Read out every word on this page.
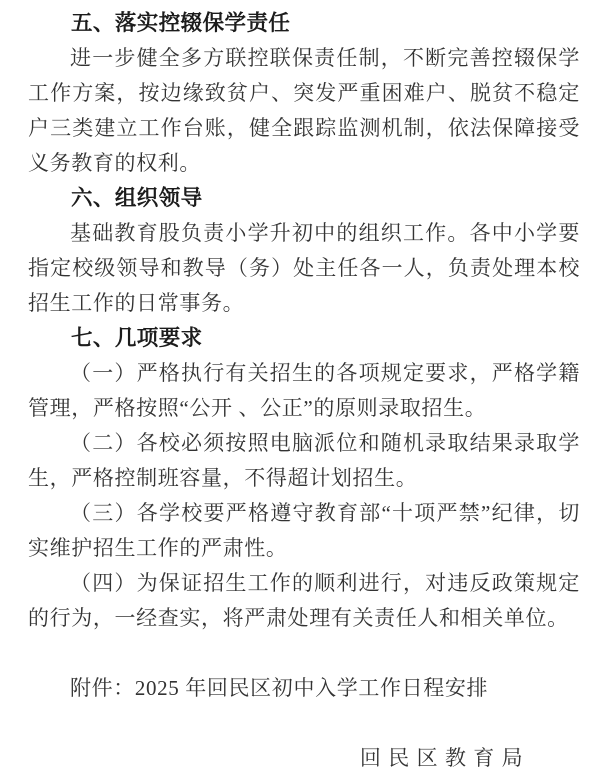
五、落实控辍保学责任

进一步健全多方联控联保责任制，不断完善控辍保学工作方案，按边缘致贫户、突发严重困难户、脱贫不稳定户三类建立工作台账，健全跟踪监测机制，依法保障接受义务教育的权利。

六、组织领导

基础教育股负责小学升初中的组织工作。各中小学要指定校级领导和教导（务）处主任各一人，负责处理本校招生工作的日常事务。

七、几项要求

（一）严格执行有关招生的各项规定要求，严格学籍管理，严格按照“公开 、公正”的原则录取招生。

（二）各校必须按照电脑派位和随机录取结果录取学生，严格控制班容量，不得超计划招生。

（三）各学校要严格遵守教育部“十项严禁”纪律，切实维护招生工作的严肃性。

（四）为保证招生工作的顺利进行，对违反政策规定的行为，一经查实，将严肃处理有关责任人和相关单位。

附件：2025 年回民区初中入学工作日程安排

回民区教育局
